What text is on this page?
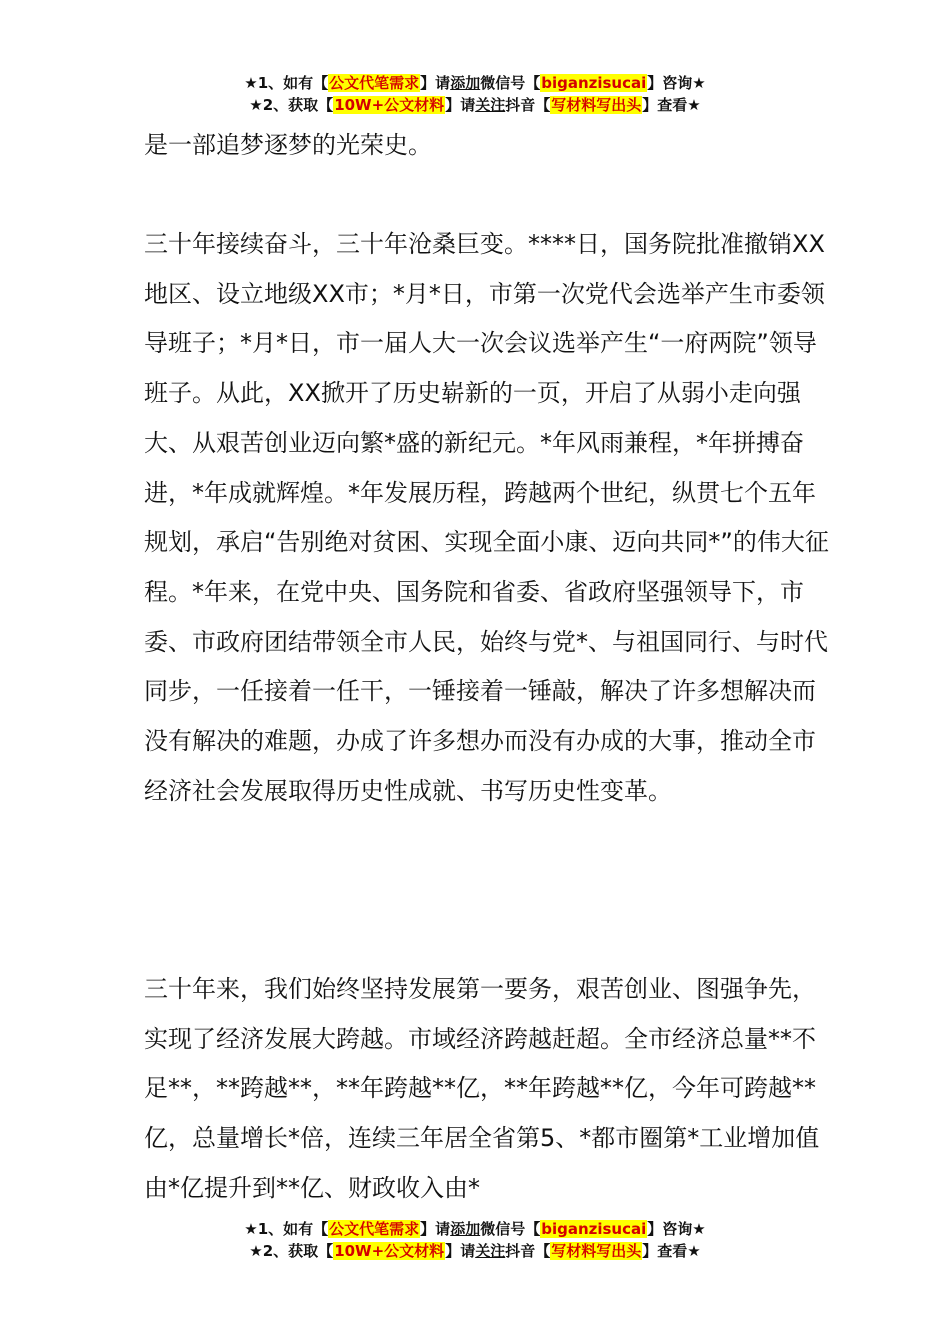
★1、如有【公文代笔需求】请添加微信号【biganzisucai】咨询★
★2、获取【10W+公文材料】请关注抖音【写材料写出头】查看★

是一部追梦逐梦的光荣史。

三十年接续奋斗，三十年沧桑巨变。****日，国务院批准撤销XX地区、设立地级XX市；*月*日，市第一次党代会选举产生市委领导班子；*月*日，市一届人大一次会议选举产生“一府两院”领导班子。从此，XX掀开了历史崭新的一页，开启了从弱小走向强大、从艰苦创业迈向繁*盛的新纪元。*年风雨兼程，*年拼搏奋进，*年成就辉煌。*年发展历程，跨越两个世纪，纵贯七个五年规划，承启“告别绝对贫困、实现全面小康、迈向共同*”的伟大征程。*年来，在党中央、国务院和省委、省政府坚强领导下，市委、市政府团结带领全市人民，始终与党*、与祖国同行、与时代同步，一任接着一任干，一锤接着一锤敲，解决了许多想解决而没有解决的难题，办成了许多想办而没有办成的大事，推动全市经济社会发展取得历史性成就、书写历史性变革。

三十年来，我们始终坚持发展第一要务，艰苦创业、图强争先，实现了经济发展大跨越。市域经济跨越赶超。全市经济总量**不足**，**跨越**，**年跨越**亿，**年跨越**亿，今年可跨越**亿，总量增长*倍，连续三年居全省第5、*都市圈第*工业增加值由*亿提升到**亿、财政收入由*

★1、如有【公文代笔需求】请添加微信号【biganzisucai】咨询★
★2、获取【10W+公文材料】请关注抖音【写材料写出头】查看★
